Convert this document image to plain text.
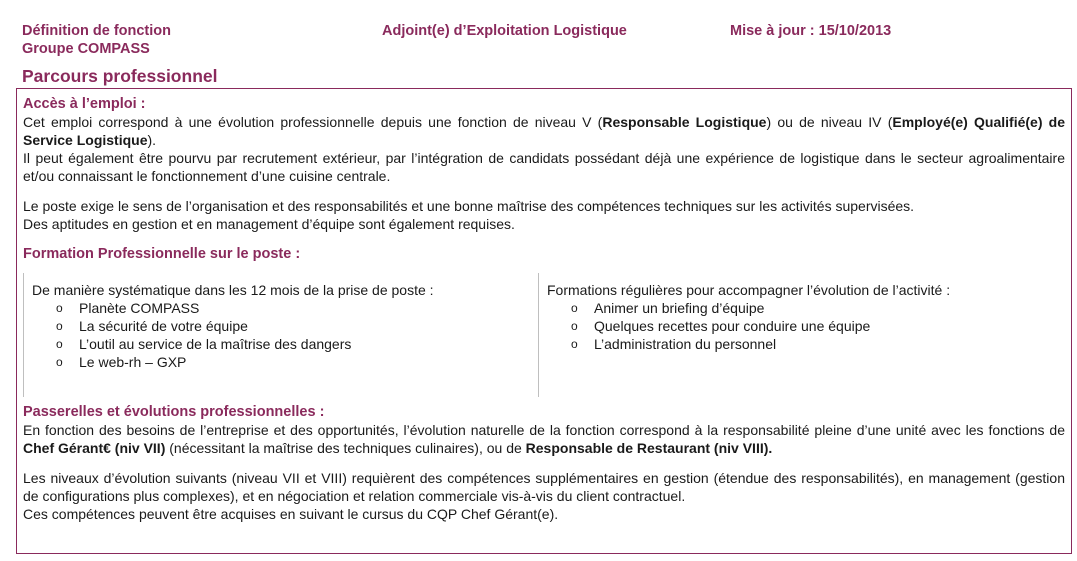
Définition de fonction
Groupe COMPASS
Adjoint(e) d’Exploitation Logistique	Mise à jour : 15/10/2013
Parcours professionnel
Accès à l’emploi :

Cet emploi correspond à une évolution professionnelle depuis une fonction de niveau V (Responsable Logistique) ou de niveau IV (Employé(e) Qualifié(e) de Service Logistique).

Il peut également être pourvu par recrutement extérieur, par l’intégration de candidats possédant déjà une expérience de logistique dans le secteur agroalimentaire et/ou connaissant le fonctionnement d’une cuisine centrale.

Le poste exige le sens de l’organisation et des responsabilités et une bonne maîtrise des compétences techniques sur les activités supervisées.

Des aptitudes en gestion et en management d’équipe sont également requises.

Formation Professionnelle sur le poste :
De manière systématique dans les 12 mois de la prise de poste :
o Planète COMPASS
o La sécurité de votre équipe
o L’outil au service de la maîtrise des dangers
o Le web-rh – GXP
Formations régulières pour accompagner l’évolution de l’activité :
o Animer un briefing d’équipe
o Quelques recettes pour conduire une équipe
o L’administration du personnel
Passerelles et évolutions professionnelles :

En fonction des besoins de l’entreprise et des opportunités, l’évolution naturelle de la fonction correspond à la responsabilité pleine d’une unité avec les fonctions de Chef Gérant€ (niv VII) (nécessitant la maîtrise des techniques culinaires), ou de Responsable de Restaurant (niv VIII).

Les niveaux d’évolution suivants (niveau VII et VIII) requièrent des compétences supplémentaires en gestion (étendue des responsabilités), en management (gestion de configurations plus complexes), et en négociation et relation commerciale vis-à-vis du client contractuel.

Ces compétences peuvent être acquises en suivant le cursus du CQP Chef Gérant(e).
